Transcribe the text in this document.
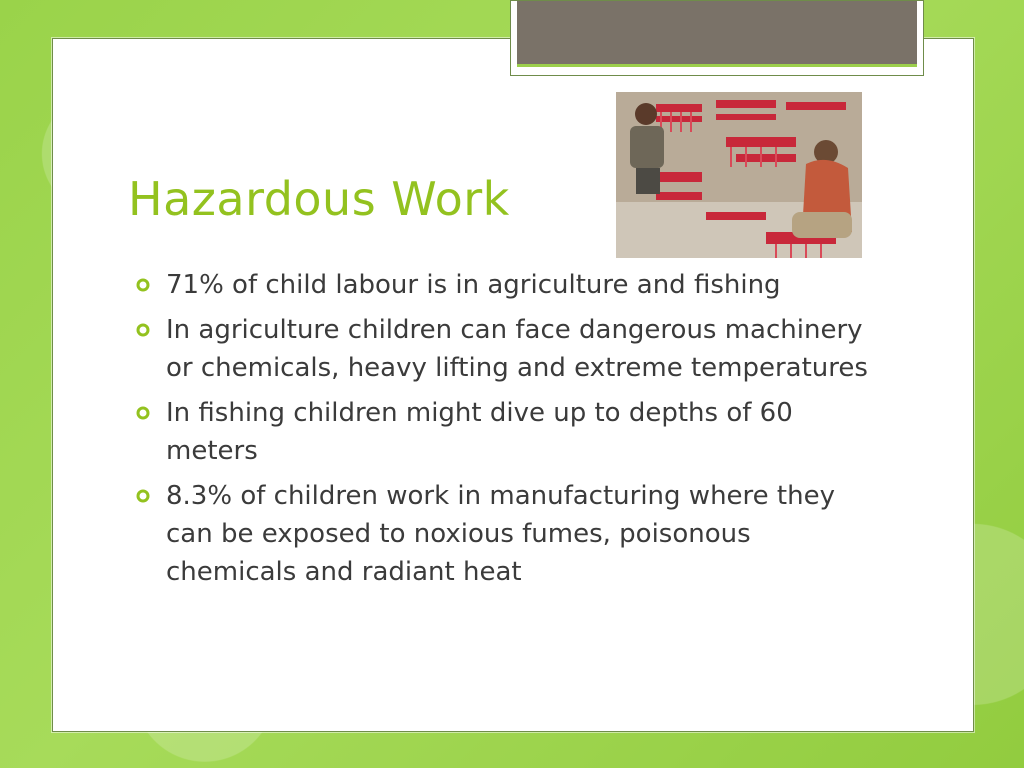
Hazardous Work
71% of child labour is in agriculture and fishing
In agriculture children can face dangerous machinery or chemicals, heavy lifting and extreme temperatures
In fishing children might dive up to depths of 60 meters
8.3% of children work in manufacturing where they can be exposed to noxious fumes, poisonous chemicals and radiant heat
